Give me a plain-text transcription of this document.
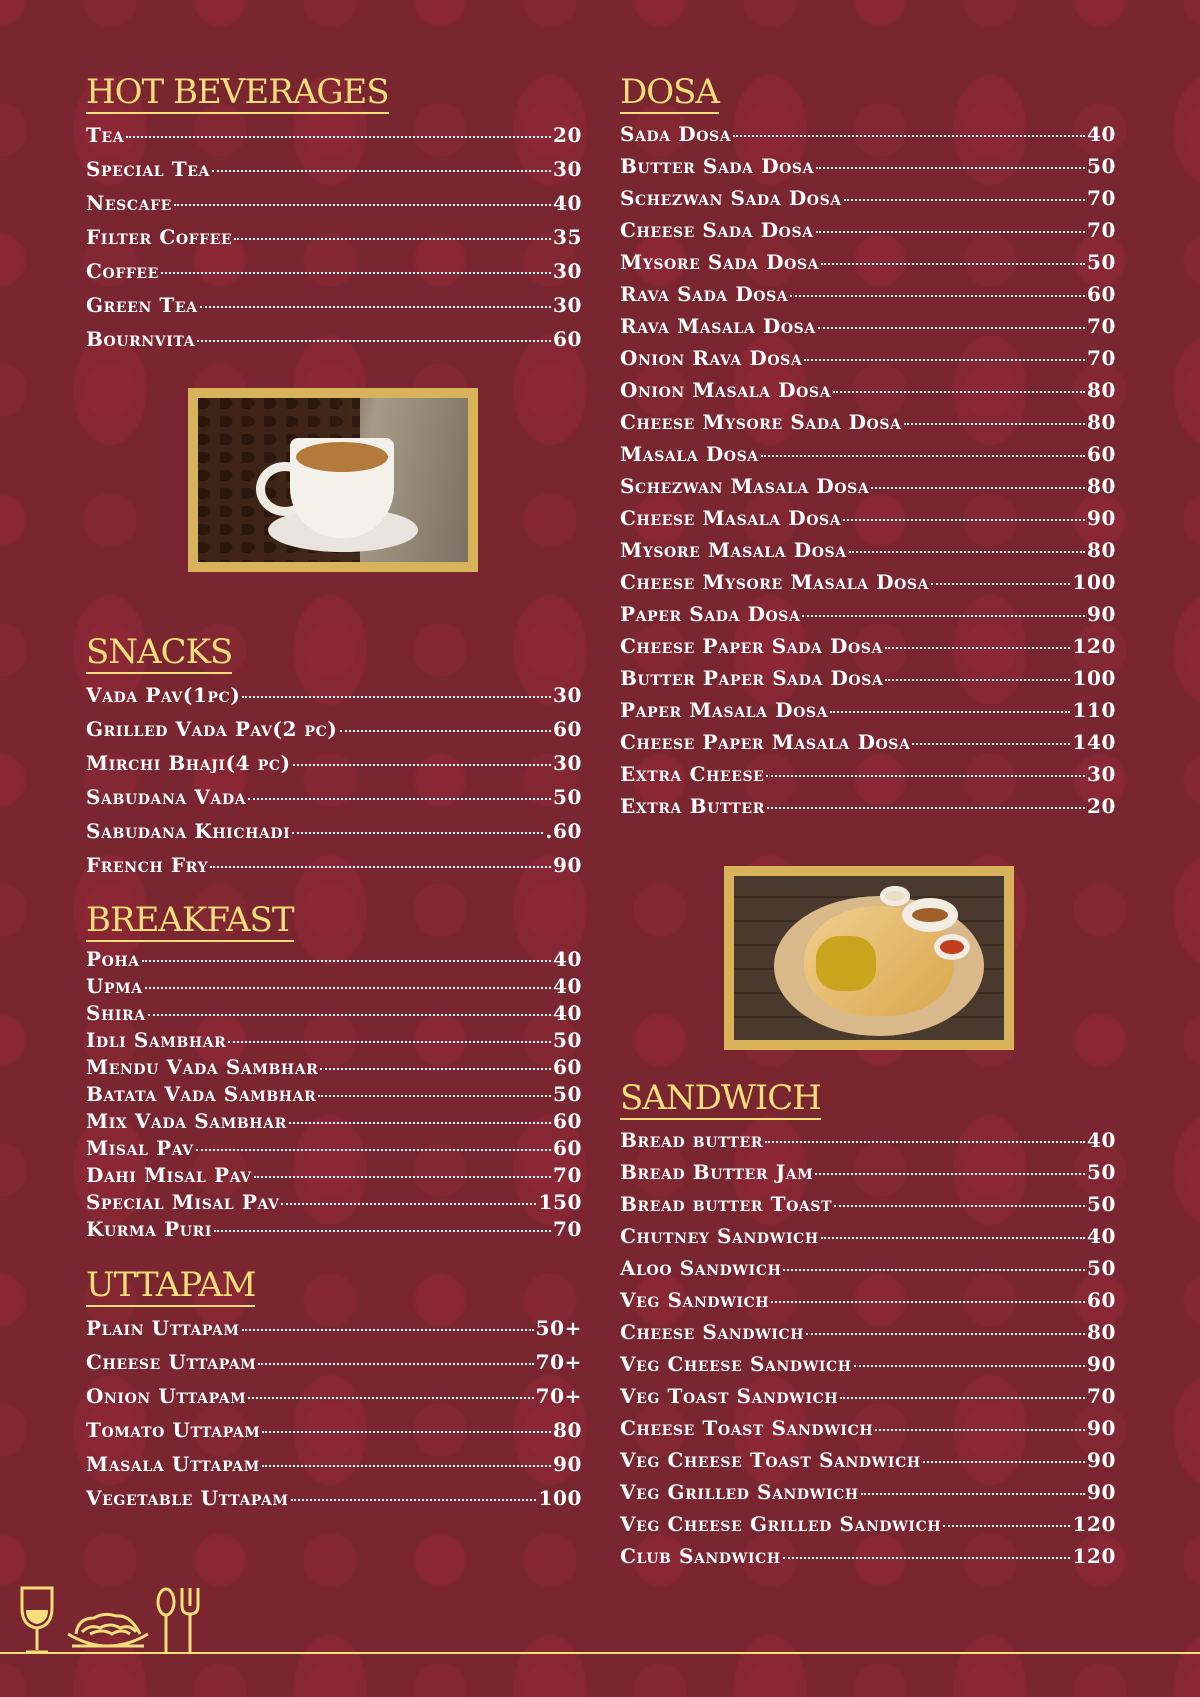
HOT BEVERAGES
Tea	20
Special Tea	30
Nescafe	40
Filter Coffee	35
Coffee	30
Green Tea	30
Bournvita	60
SNACKS
Vada Pav(1pc)	30
Grilled Vada Pav(2 pc)	60
Mirchi Bhaji(4 pc)	30
Sabudana Vada	50
Sabudana Khichadi	.60
French Fry	90
BREAKFAST
Poha	40
Upma	40
Shira	40
Idli Sambhar	50
Mendu Vada Sambhar	60
Batata Vada Sambhar	50
Mix Vada Sambhar	60
Misal Pav	60
Dahi Misal Pav	70
Special Misal Pav	150
Kurma Puri	70
UTTAPAM
Plain Uttapam	50+
Cheese Uttapam	70+
Onion Uttapam	70+
Tomato Uttapam	80
Masala Uttapam	90
Vegetable Uttapam	100
DOSA
Sada Dosa	40
Butter Sada Dosa	50
Schezwan Sada Dosa	70
Cheese Sada Dosa	70
Mysore Sada Dosa	50
Rava Sada Dosa	60
Rava Masala Dosa	70
Onion Rava Dosa	70
Onion Masala Dosa	80
Cheese Mysore Sada Dosa	80
Masala Dosa	60
Schezwan Masala Dosa	80
Cheese Masala Dosa	90
Mysore Masala Dosa	80
Cheese Mysore Masala Dosa	100
Paper Sada Dosa	90
Cheese Paper Sada Dosa	120
Butter Paper Sada Dosa	100
Paper Masala Dosa	110
Cheese Paper Masala Dosa	140
Extra Cheese	30
Extra Butter	20
SANDWICH
Bread butter	40
Bread Butter Jam	50
Bread butter Toast	50
Chutney Sandwich	40
Aloo Sandwich	50
Veg Sandwich	60
Cheese Sandwich	80
Veg Cheese Sandwich	90
Veg Toast Sandwich	70
Cheese Toast Sandwich	90
Veg Cheese Toast Sandwich	90
Veg Grilled Sandwich	90
Veg Cheese Grilled Sandwich	120
Club Sandwich	120
